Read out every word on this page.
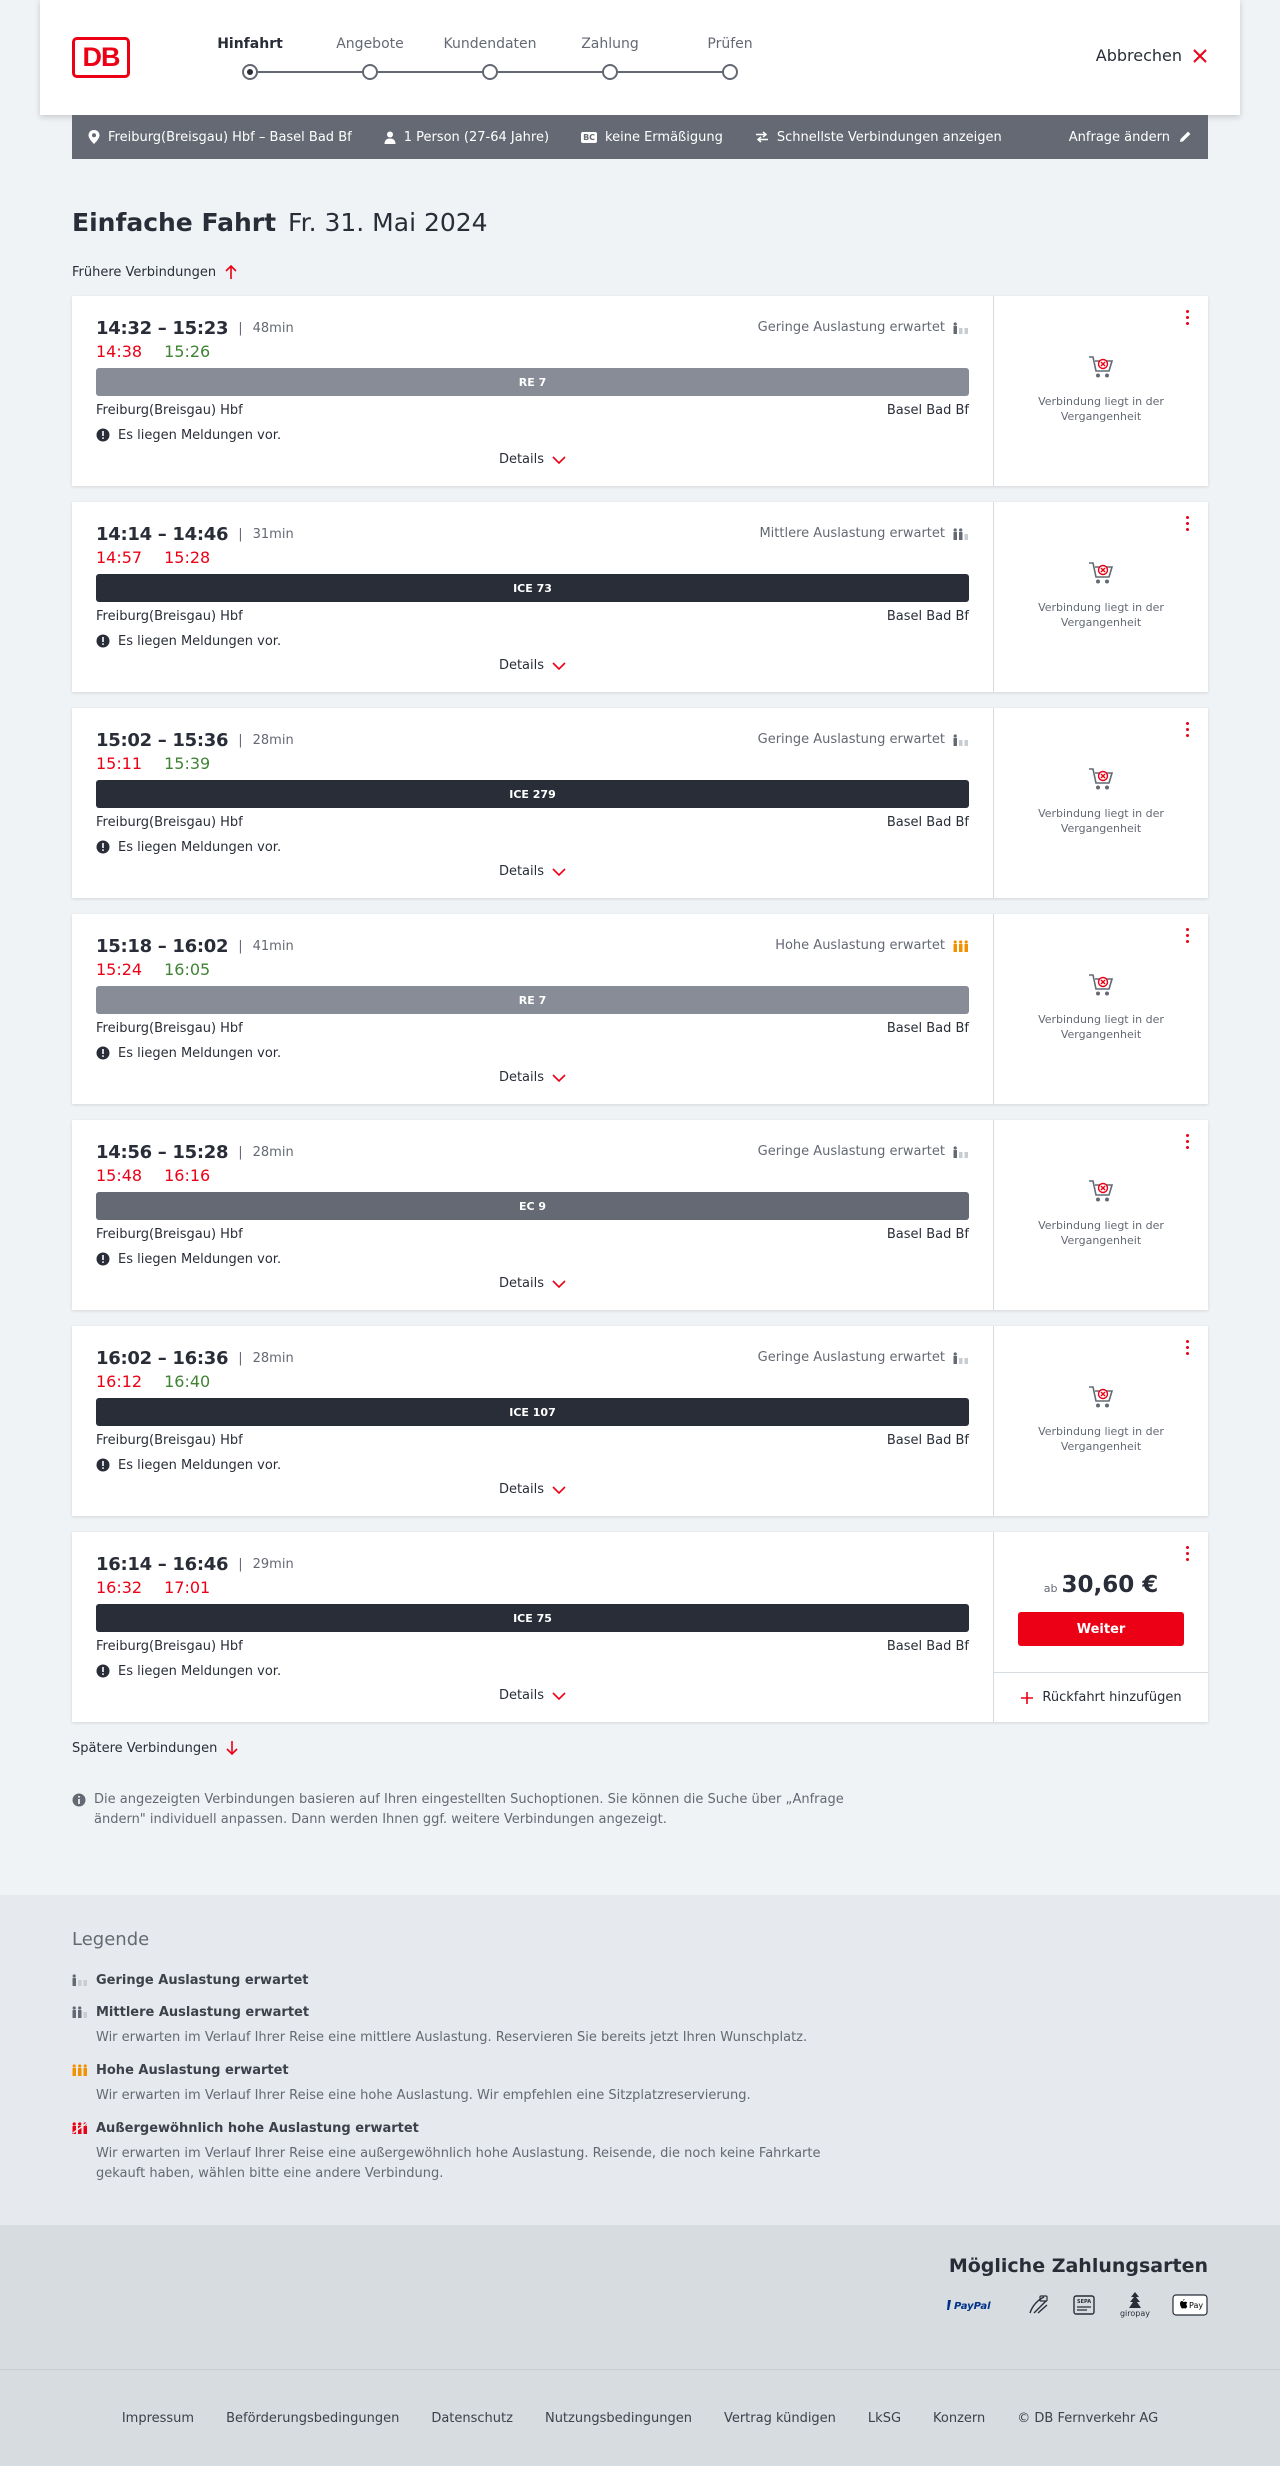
DB	Hinfahrt	Angebote	Kundendaten	Zahlung	Prüfen
Abbrechen
Freiburg(Breisgau) Hbf – Basel Bad Bf	1 Person (27-64 Jahre)	BC keine Ermäßigung	Schnellste Verbindungen anzeigen	Anfrage ändern
Einfache Fahrt Fr. 31. Mai 2024
Frühere Verbindungen
14:32 – 15:23 | 48min
14:38 15:26
Geringe Auslastung erwartet
RE 7
Freiburg(Breisgau) Hbf	Basel Bad Bf
Es liegen Meldungen vor.
Details
Verbindung liegt in der Vergangenheit
14:14 – 14:46 | 31min
14:57 15:28
Mittlere Auslastung erwartet
ICE 73
Freiburg(Breisgau) Hbf	Basel Bad Bf
Es liegen Meldungen vor.
Details
Verbindung liegt in der Vergangenheit
15:02 – 15:36 | 28min
15:11 15:39
Geringe Auslastung erwartet
ICE 279
Freiburg(Breisgau) Hbf	Basel Bad Bf
Es liegen Meldungen vor.
Details
Verbindung liegt in der Vergangenheit
15:18 – 16:02 | 41min
15:24 16:05
Hohe Auslastung erwartet
RE 7
Freiburg(Breisgau) Hbf	Basel Bad Bf
Es liegen Meldungen vor.
Details
Verbindung liegt in der Vergangenheit
14:56 – 15:28 | 28min
15:48 16:16
Geringe Auslastung erwartet
EC 9
Freiburg(Breisgau) Hbf	Basel Bad Bf
Es liegen Meldungen vor.
Details
Verbindung liegt in der Vergangenheit
16:02 – 16:36 | 28min
16:12 16:40
Geringe Auslastung erwartet
ICE 107
Freiburg(Breisgau) Hbf	Basel Bad Bf
Es liegen Meldungen vor.
Details
Verbindung liegt in der Vergangenheit
16:14 – 16:46 | 29min
16:32 17:01
ICE 75
Freiburg(Breisgau) Hbf	Basel Bad Bf
Es liegen Meldungen vor.
Details
ab 30,60 €
Weiter
Rückfahrt hinzufügen
Spätere Verbindungen
Die angezeigten Verbindungen basieren auf Ihren eingestellten Suchoptionen. Sie können die Suche über „Anfrage ändern" individuell anpassen. Dann werden Ihnen ggf. weitere Verbindungen angezeigt.
Legende
Geringe Auslastung erwartet
Mittlere Auslastung erwartet
Wir erwarten im Verlauf Ihrer Reise eine mittlere Auslastung. Reservieren Sie bereits jetzt Ihren Wunschplatz.
Hohe Auslastung erwartet
Wir erwarten im Verlauf Ihrer Reise eine hohe Auslastung. Wir empfehlen eine Sitzplatzreservierung.
Außergewöhnlich hohe Auslastung erwartet
Wir erwarten im Verlauf Ihrer Reise eine außergewöhnlich hohe Auslastung. Reisende, die noch keine Fahrkarte gekauft haben, wählen bitte eine andere Verbindung.
Mögliche Zahlungsarten
PayPal	SEPA
giropay
Pay
Impressum Beförderungsbedingungen Datenschutz Nutzungsbedingungen Vertrag kündigen LkSG Konzern © DB Fernverkehr AG
